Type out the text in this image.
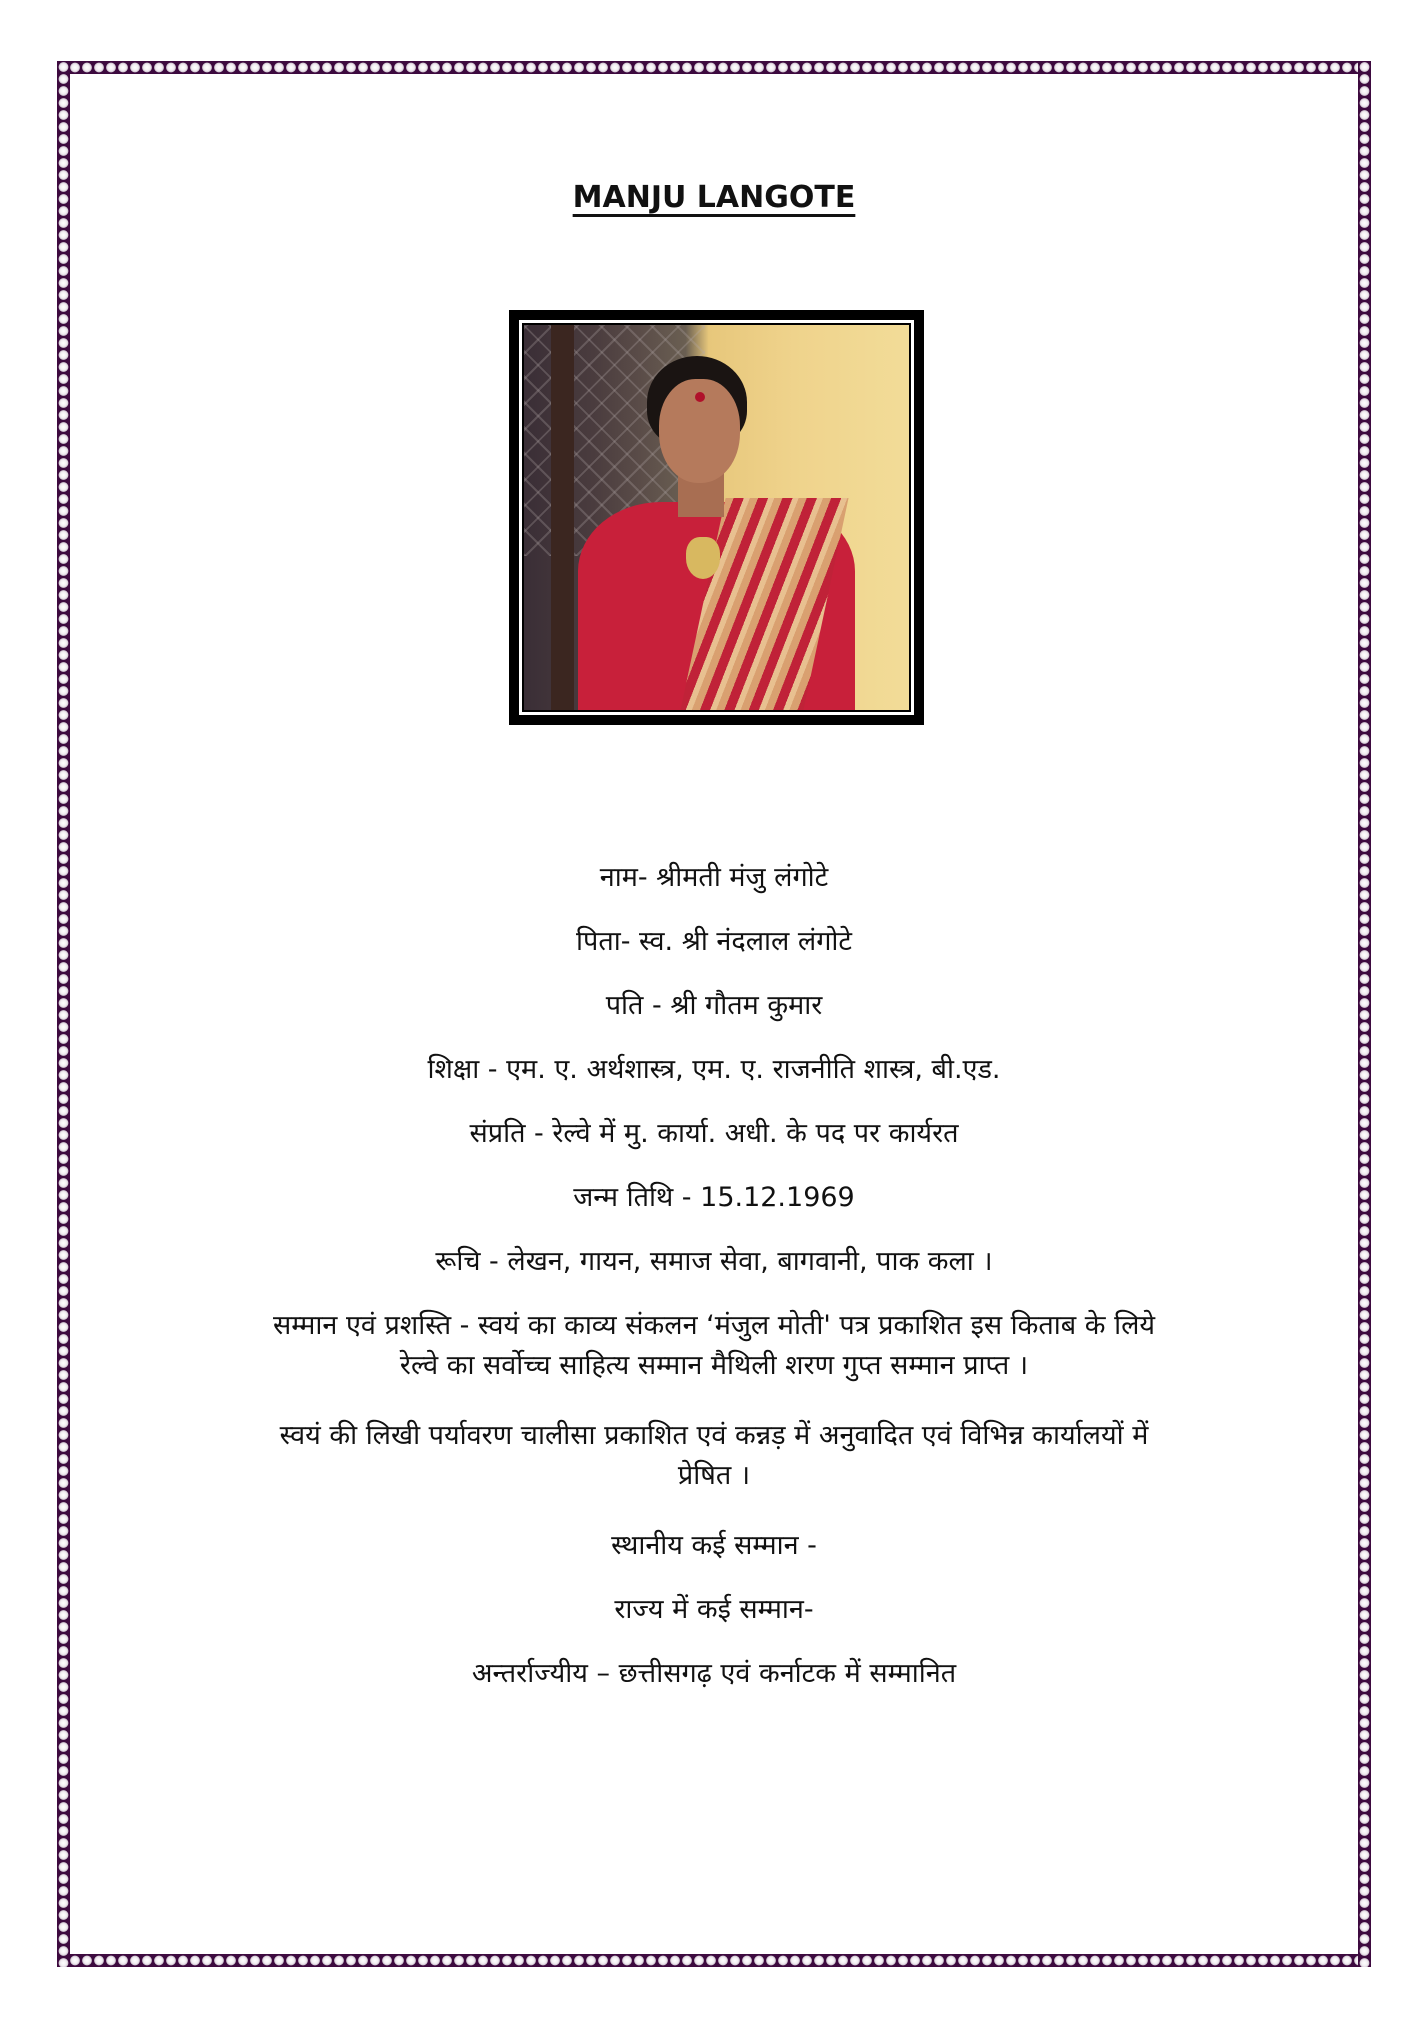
MANJU LANGOTE

नाम- श्रीमती मंजु लंगोटे

पिता- स्व. श्री नंदलाल लंगोटे

पति - श्री गौतम कुमार

शिक्षा - एम. ए. अर्थशास्त्र, एम. ए. राजनीति शास्त्र, बी.एड.

संप्रति - रेल्वे में मु. कार्या. अधी. के पद पर कार्यरत

जन्म तिथि - 15.12.1969

रूचि - लेखन, गायन, समाज सेवा, बागवानी, पाक कला ।

सम्मान एवं प्रशस्ति - स्वयं का काव्य संकलन ‘मंजुल मोती' पत्र प्रकाशित इस किताब के लिये

रेल्वे का सर्वोच्च साहित्य सम्मान मैथिली शरण गुप्त सम्मान प्राप्त ।

स्वयं की लिखी पर्यावरण चालीसा प्रकाशित एवं कन्नड़ में अनुवादित एवं विभिन्न कार्यालयों में

प्रेषित ।

स्थानीय कई सम्मान -

राज्य में कई सम्मान-

अन्तर्राज्यीय – छत्तीसगढ़ एवं कर्नाटक में सम्मानित
